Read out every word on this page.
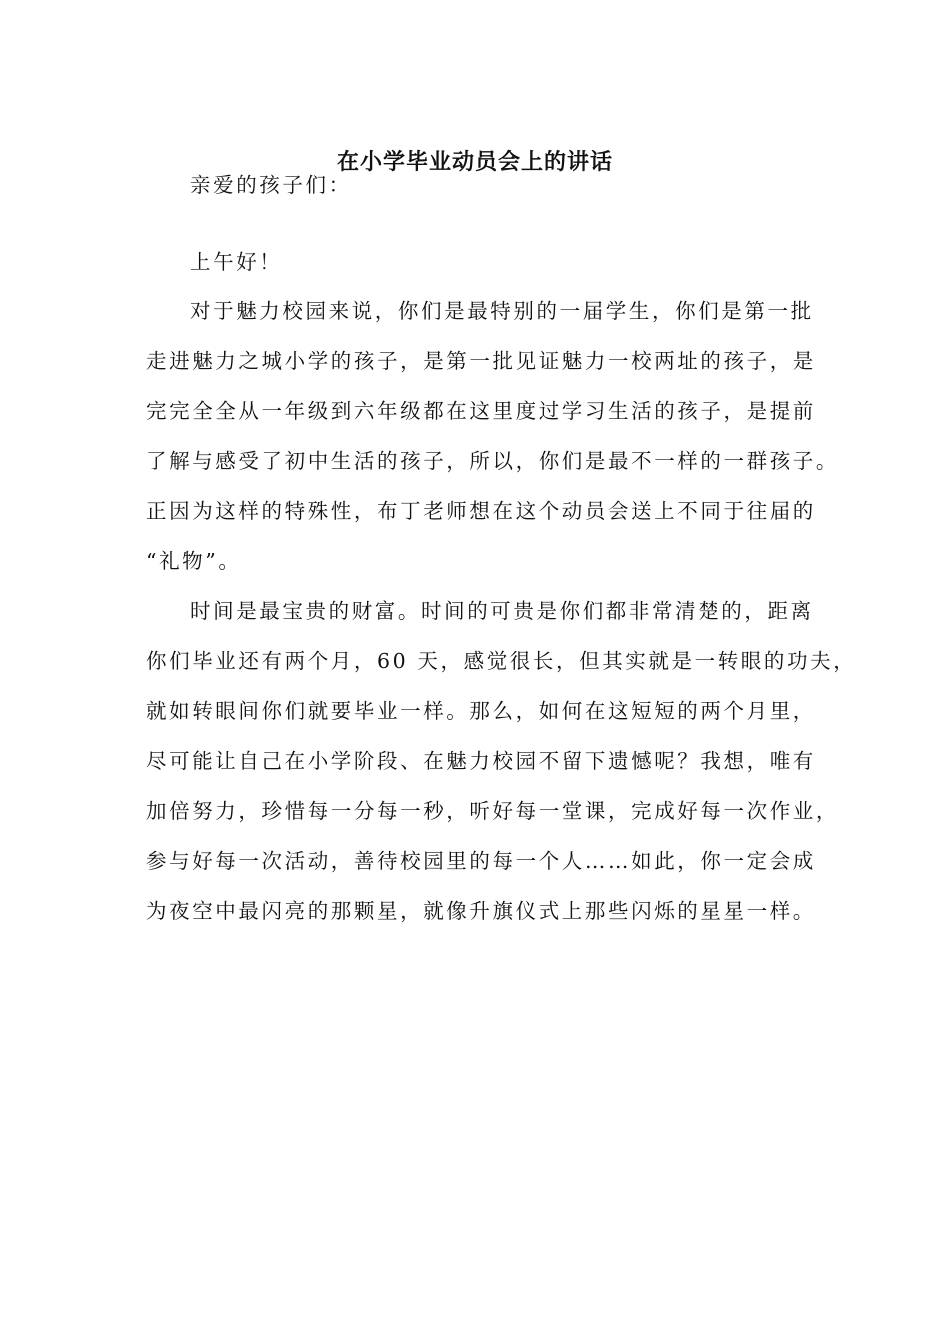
在小学毕业动员会上的讲话

亲爱的孩子们：

上午好！

对于魅力校园来说，你们是最特别的一届学生，你们是第一批

走进魅力之城小学的孩子，是第一批见证魅力一校两址的孩子，是

完完全全从一年级到六年级都在这里度过学习生活的孩子，是提前

了解与感受了初中生活的孩子，所以，你们是最不一样的一群孩子。

正因为这样的特殊性，布丁老师想在这个动员会送上不同于往届的

“礼物”。

时间是最宝贵的财富。时间的可贵是你们都非常清楚的，距离

你们毕业还有两个月，60 天，感觉很长，但其实就是一转眼的功夫，

就如转眼间你们就要毕业一样。那么，如何在这短短的两个月里，

尽可能让自己在小学阶段、在魅力校园不留下遗憾呢？我想，唯有

加倍努力，珍惜每一分每一秒，听好每一堂课，完成好每一次作业，

参与好每一次活动，善待校园里的每一个人……如此，你一定会成

为夜空中最闪亮的那颗星，就像升旗仪式上那些闪烁的星星一样。
